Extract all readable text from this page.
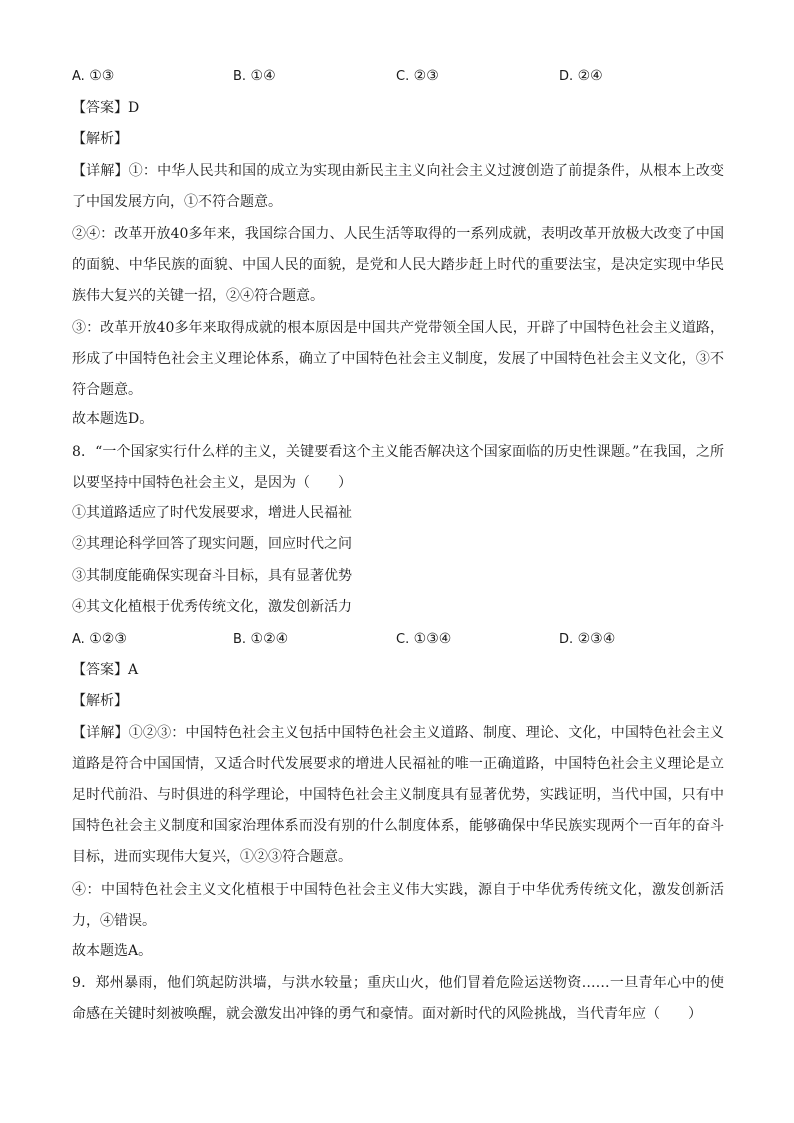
A. ①③	B. ①④	C. ②③	D. ②④
【答案】D
【解析】
【详解】①：中华人民共和国的成立为实现由新民主主义向社会主义过渡创造了前提条件，从根本上改变了中国发展方向，①不符合题意。
②④：改革开放40多年来，我国综合国力、人民生活等取得的一系列成就，表明改革开放极大改变了中国的面貌、中华民族的面貌、中国人民的面貌，是党和人民大踏步赶上时代的重要法宝，是决定实现中华民族伟大复兴的关键一招，②④符合题意。
③：改革开放40多年来取得成就的根本原因是中国共产党带领全国人民，开辟了中国特色社会主义道路，形成了中国特色社会主义理论体系，确立了中国特色社会主义制度，发展了中国特色社会主义文化，③不符合题意。
故本题选D。
8．“一个国家实行什么样的主义，关键要看这个主义能否解决这个国家面临的历史性课题。”在我国，之所以要坚持中国特色社会主义，是因为（　　）
①其道路适应了时代发展要求，增进人民福祉
②其理论科学回答了现实问题，回应时代之问
③其制度能确保实现奋斗目标，具有显著优势
④其文化植根于优秀传统文化，激发创新活力
A. ①②③	B. ①②④	C. ①③④	D. ②③④
【答案】A
【解析】
【详解】①②③：中国特色社会主义包括中国特色社会主义道路、制度、理论、文化，中国特色社会主义道路是符合中国国情，又适合时代发展要求的增进人民福祉的唯一正确道路，中国特色社会主义理论是立足时代前沿、与时俱进的科学理论，中国特色社会主义制度具有显著优势，实践证明，当代中国，只有中国特色社会主义制度和国家治理体系而没有别的什么制度体系，能够确保中华民族实现两个一百年的奋斗目标，进而实现伟大复兴，①②③符合题意。
④：中国特色社会主义文化植根于中国特色社会主义伟大实践，源自于中华优秀传统文化，激发创新活力，④错误。
故本题选A。
9．郑州暴雨，他们筑起防洪墙，与洪水较量；重庆山火，他们冒着危险运送物资……一旦青年心中的使命感在关键时刻被唤醒，就会激发出冲锋的勇气和豪情。面对新时代的风险挑战，当代青年应（　　）
